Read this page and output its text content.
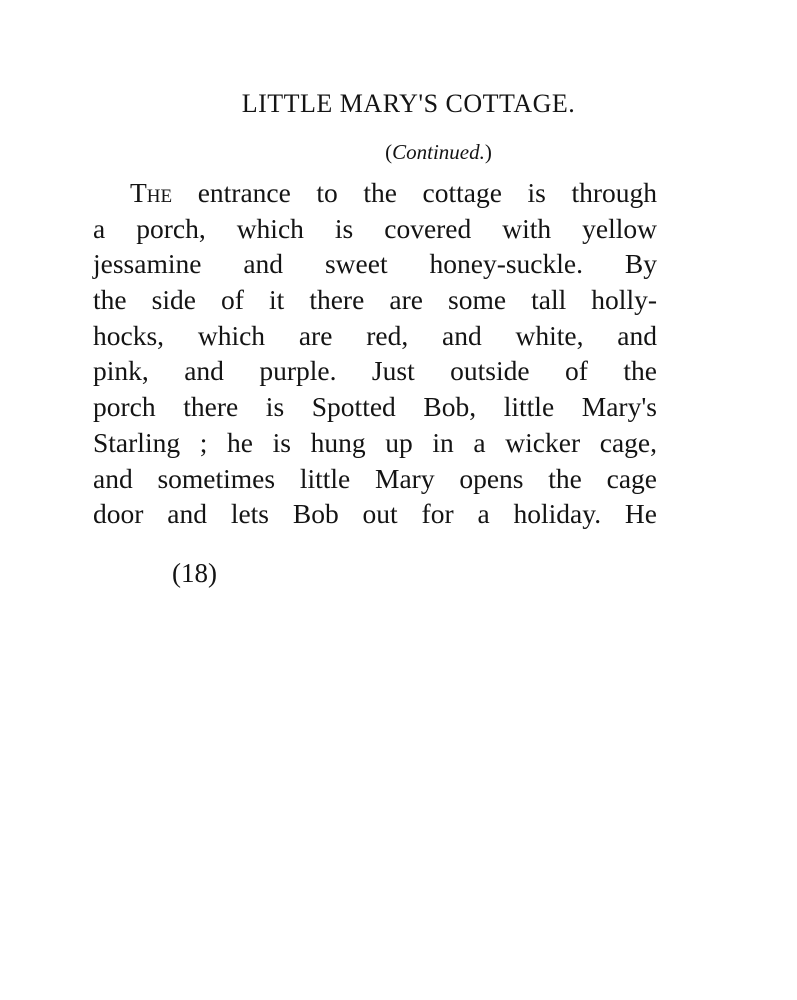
LITTLE MARY'S COTTAGE.
(Continued.)
The entrance to the cottage is through
a porch, which is covered with yellow
jessamine and sweet honey-suckle. By
the side of it there are some tall holly-
hocks, which are red, and white, and
pink, and purple. Just outside of the
porch there is Spotted Bob, little Mary's
Starling ; he is hung up in a wicker cage,
and sometimes little Mary opens the cage
door and lets Bob out for a holiday. He
(18)
